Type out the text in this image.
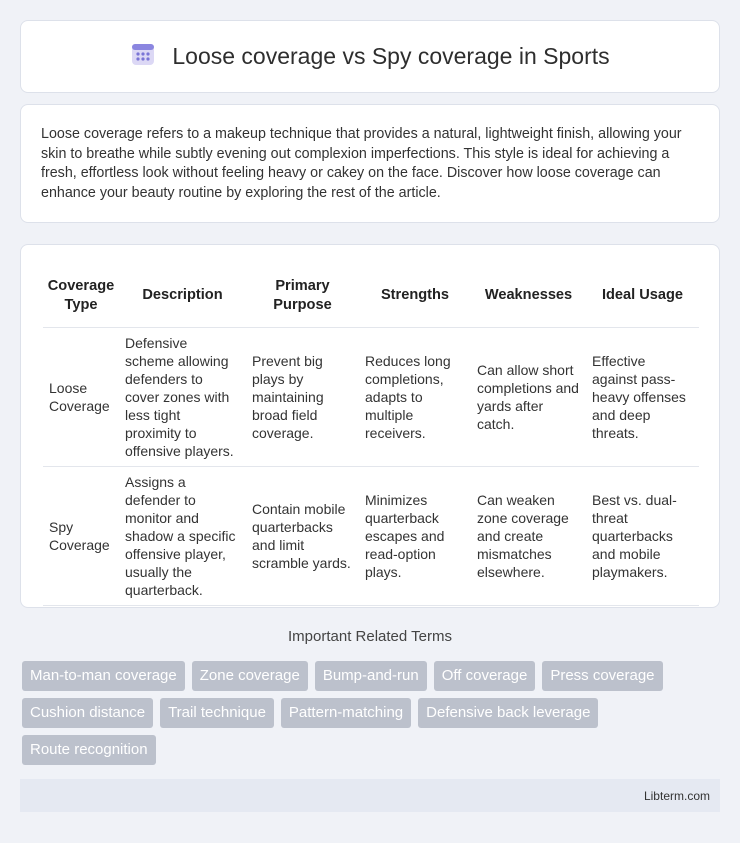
Loose coverage vs Spy coverage in Sports

Loose coverage refers to a makeup technique that provides a natural, lightweight finish, allowing your skin to breathe while subtly evening out complexion imperfections. This style is ideal for achieving a fresh, effortless look without feeling heavy or cakey on the face. Discover how loose coverage can enhance your beauty routine by exploring the rest of the article.

Coverage Type	Description	Primary Purpose	Strengths	Weaknesses	Ideal Usage
Loose Coverage	Defensive scheme allowing defenders to cover zones with less tight proximity to offensive players.	Prevent big plays by maintaining broad field coverage.	Reduces long completions, adapts to multiple receivers.	Can allow short completions and yards after catch.	Effective against pass-heavy offenses and deep threats.
Spy Coverage	Assigns a defender to monitor and shadow a specific offensive player, usually the quarterback.	Contain mobile quarterbacks and limit scramble yards.	Minimizes quarterback escapes and read-option plays.	Can weaken zone coverage and create mismatches elsewhere.	Best vs. dual-threat quarterbacks and mobile playmakers.
Important Related Terms
Man-to-man coverage	Zone coverage	Bump-and-run	Off coverage	Press coverage
Cushion distance	Trail technique	Pattern-matching	Defensive back leverage
Route recognition
Libterm.com
